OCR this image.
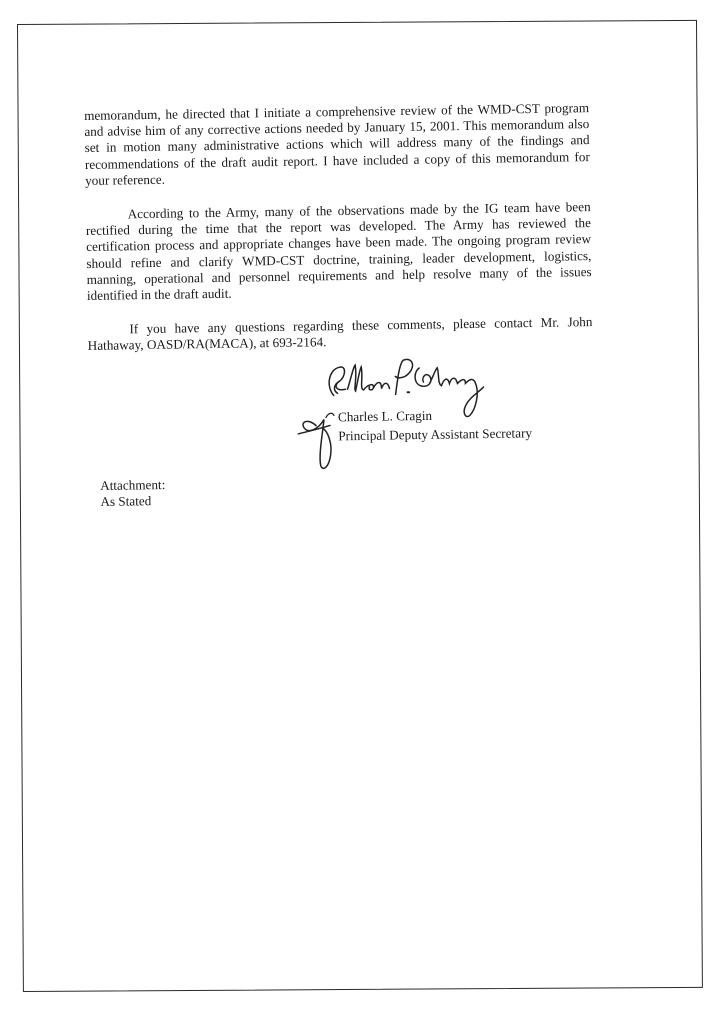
memorandum, he directed that I initiate a comprehensive review of the WMD-CST program and advise him of any corrective actions needed by January 15, 2001. This memorandum also set in motion many administrative actions which will address many of the findings and recommendations of the draft audit report. I have included a copy of this memorandum for your reference.

According to the Army, many of the observations made by the IG team have been rectified during the time that the report was developed. The Army has reviewed the certification process and appropriate changes have been made. The ongoing program review should refine and clarify WMD-CST doctrine, training, leader development, logistics, manning, operational and personnel requirements and help resolve many of the issues identified in the draft audit.

If you have any questions regarding these comments, please contact Mr. John Hathaway, OASD/RA(MACA), at 693-2164.

Charles L. Cragin
Principal Deputy Assistant Secretary
Attachment:
As Stated
